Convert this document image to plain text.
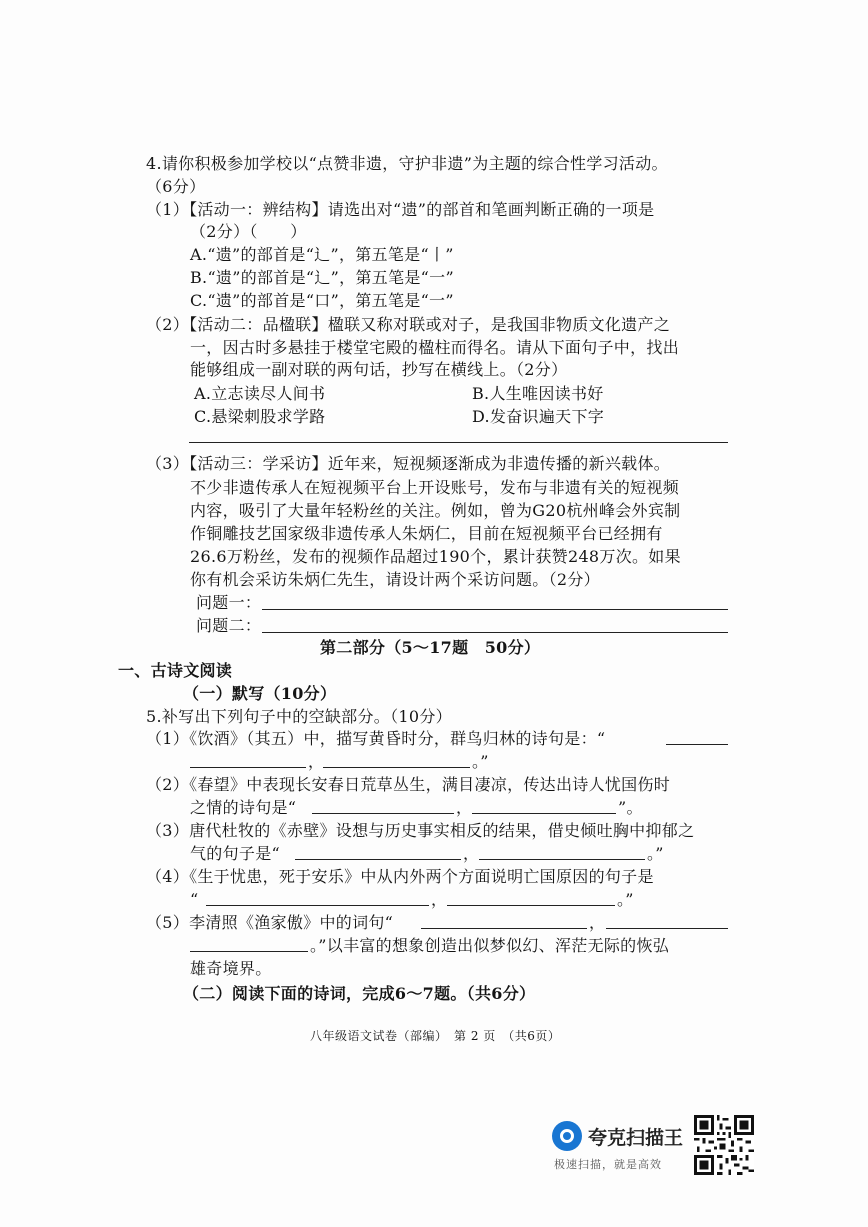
4.请你积极参加学校以“点赞非遗，守护非遗”为主题的综合性学习活动。
（6分）
（1）【活动一：辨结构】请选出对“遗”的部首和笔画判断正确的一项是
（2分）（　　）
A.“遗”的部首是“辶”，第五笔是“丨”
B.“遗”的部首是“辶”，第五笔是“一”
C.“遗”的部首是“口”，第五笔是“一”
（2）【活动二：品楹联】楹联又称对联或对子，是我国非物质文化遗产之
一，因古时多悬挂于楼堂宅殿的楹柱而得名。请从下面句子中，找出
能够组成一副对联的两句话，抄写在横线上。（2分）
A.立志读尽人间书	B.人生唯因读书好
C.悬梁刺股求学路	D.发奋识遍天下字
（3）【活动三：学采访】近年来，短视频逐渐成为非遗传播的新兴载体。
不少非遗传承人在短视频平台上开设账号，发布与非遗有关的短视频
内容，吸引了大量年轻粉丝的关注。例如，曾为G20杭州峰会外宾制
作铜雕技艺国家级非遗传承人朱炳仁，目前在短视频平台已经拥有
26.6万粉丝，发布的视频作品超过190个，累计获赞248万次。如果
你有机会采访朱炳仁先生，请设计两个采访问题。（2分）
问题一：
问题二：
第二部分（5～17题　50分）
一、古诗文阅读
（一）默写（10分）
5.补写出下列句子中的空缺部分。（10分）
（1）《饮酒》（其五）中，描写黄昏时分，群鸟归林的诗句是：“
，	。”
（2）《春望》中表现长安春日荒草丛生，满目凄凉，传达出诗人忧国伤时
之情的诗句是“	，	”。
（3）唐代杜牧的《赤壁》设想与历史事实相反的结果，借史倾吐胸中抑郁之
气的句子是“	，	。”
（4）《生于忧患，死于安乐》中从内外两个方面说明亡国原因的句子是
“	，	。”
（5）李清照《渔家傲》中的词句“	，
。”以丰富的想象创造出似梦似幻、浑茫无际的恢弘
雄奇境界。
（二）阅读下面的诗词，完成6～7题。（共6分）
八年级语文试卷（部编）　第 2 页　（共6页）
夸克扫描王
极速扫描，就是高效
